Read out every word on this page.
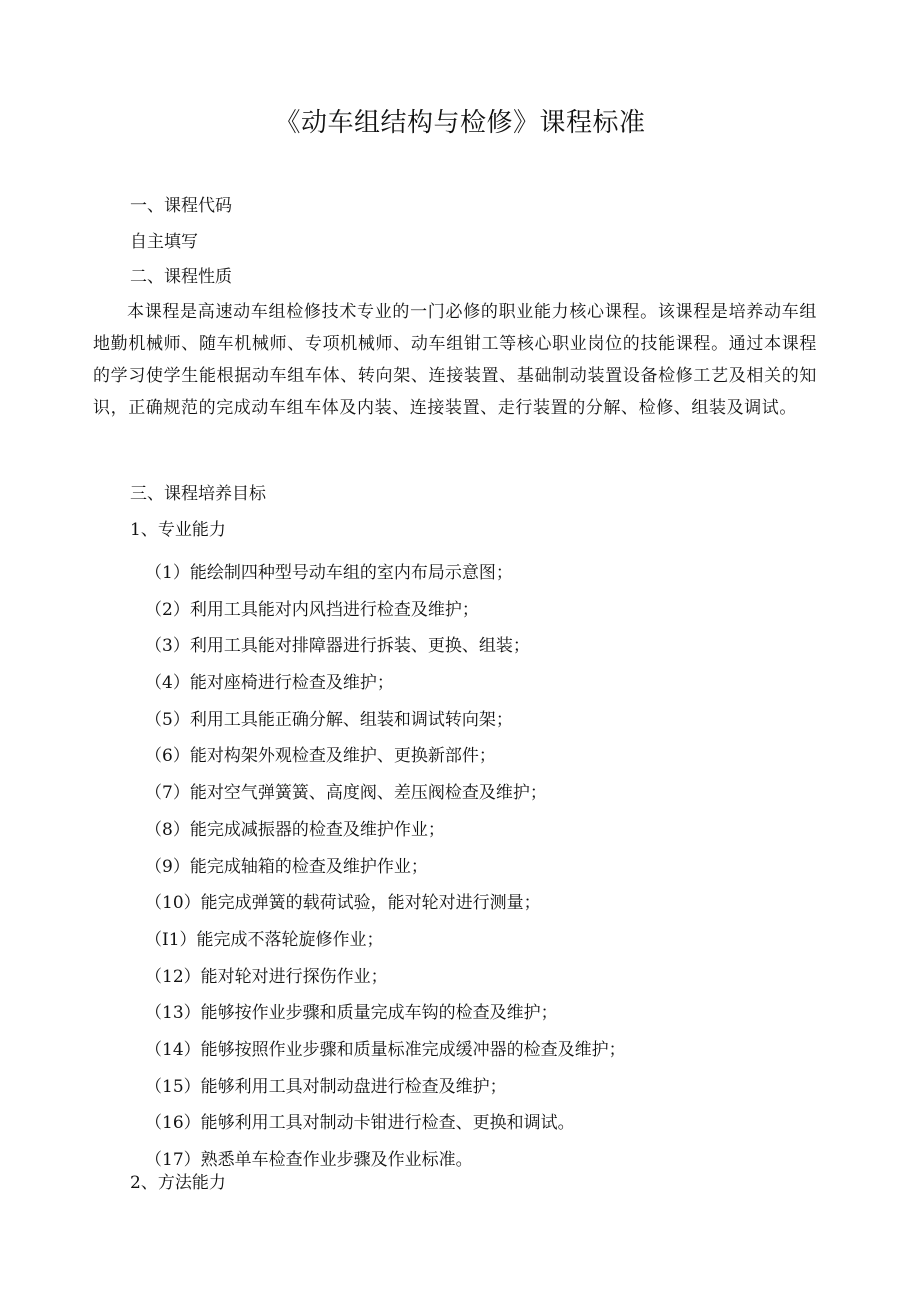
《动车组结构与检修》课程标准
一、课程代码
自主填写
二、课程性质
本课程是高速动车组检修技术专业的一门必修的职业能力核心课程。该课程是培养动车组地勤机械师、随车机械师、专项机械师、动车组钳工等核心职业岗位的技能课程。通过本课程的学习使学生能根据动车组车体、转向架、连接装置、基础制动装置设备检修工艺及相关的知识，正确规范的完成动车组车体及内装、连接装置、走行装置的分解、检修、组装及调试。
三、课程培养目标
1、专业能力
（1）能绘制四种型号动车组的室内布局示意图；
（2）利用工具能对内风挡进行检查及维护；
（3）利用工具能对排障器进行拆装、更换、组装；
（4）能对座椅进行检查及维护；
（5）利用工具能正确分解、组装和调试转向架；
（6）能对构架外观检查及维护、更换新部件；
（7）能对空气弹簧簧、高度阀、差压阀检查及维护；
（8）能完成减振器的检查及维护作业；
（9）能完成轴箱的检查及维护作业；
（10）能完成弹簧的载荷试验，能对轮对进行测量；
（I1）能完成不落轮旋修作业；
（12）能对轮对进行探伤作业；
（13）能够按作业步骤和质量完成车钩的检查及维护；
（14）能够按照作业步骤和质量标准完成缓冲器的检查及维护；
（15）能够利用工具对制动盘进行检查及维护；
（16）能够利用工具对制动卡钳进行检查、更换和调试。
（17）熟悉单车检查作业步骤及作业标准。
2、方法能力
